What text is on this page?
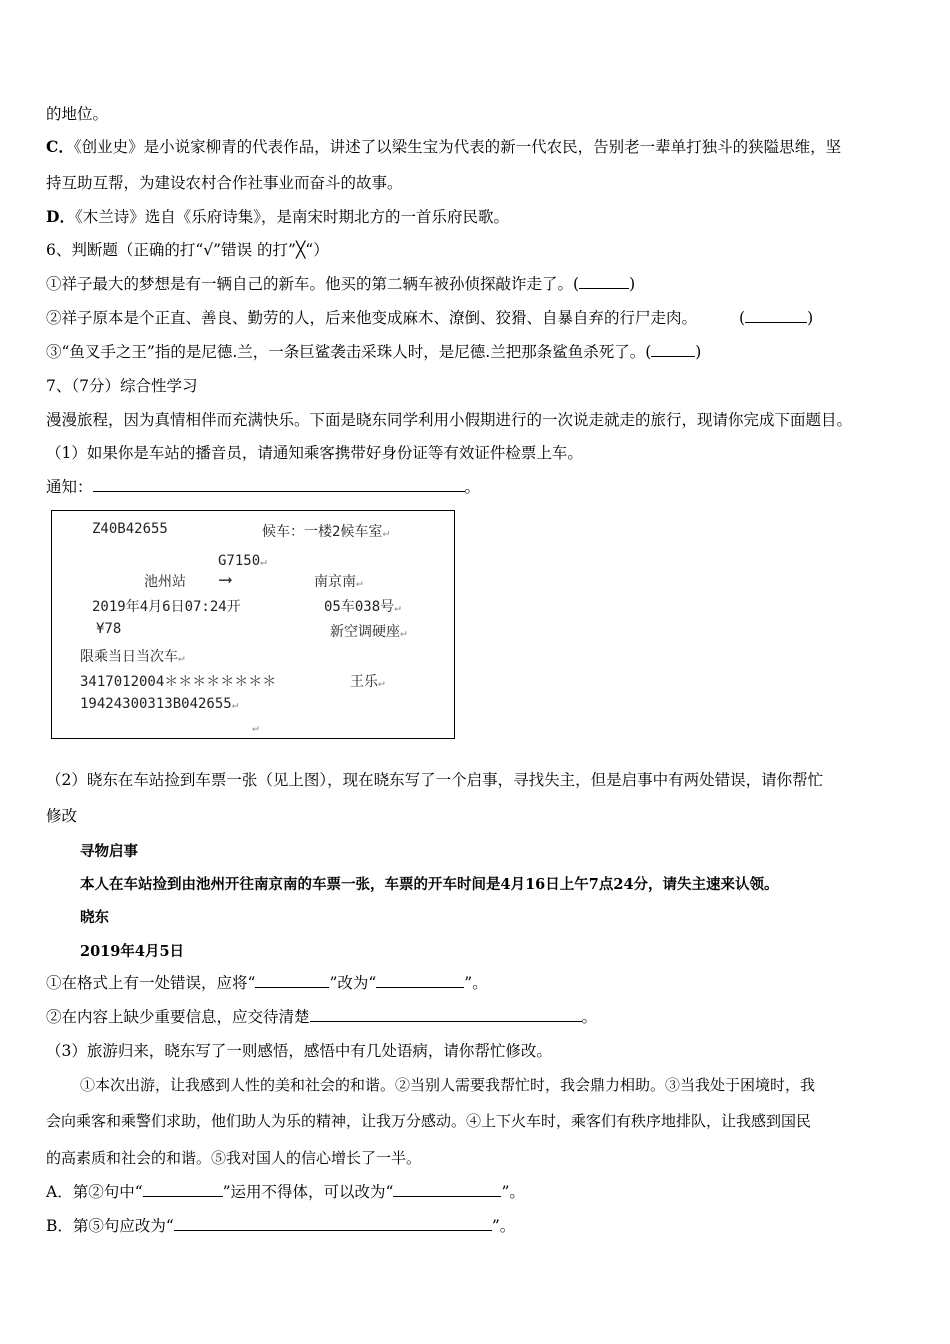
的地位。
C．《创业史》是小说家柳青的代表作品，讲述了以梁生宝为代表的新一代农民，告别老一辈单打独斗的狭隘思维，坚
持互助互帮，为建设农村合作社事业而奋斗的故事。
D．《木兰诗》选自《乐府诗集》，是南宋时期北方的一首乐府民歌。
6、判断题（正确的打“√”错误 的打”╳“）
①祥子最大的梦想是有一辆自己的新车。他买的第二辆车被孙侦探敲诈走了。(	)
②祥子原本是个正直、善良、勤劳的人，后来他变成麻木、潦倒、狡猾、自暴自弃的行尸走肉。	(	)
③“鱼叉手之王”指的是尼德.兰，一条巨鲨袭击采珠人时，是尼德.兰把那条鲨鱼杀死了。(	)
7、（7分）综合性学习
漫漫旅程，因为真情相伴而充满快乐。下面是晓东同学利用小假期进行的一次说走就走的旅行，现请你完成下面题目。
（1）如果你是车站的播音员，请通知乘客携带好身份证等有效证件检票上车。
通知：	。
Z40B42655	候车：一楼2候车室↵
G7150↵
池州站 ⟶	南京南↵
2019年4月6日07:24开	05车038号↵
¥78	新空调硬座↵
限乘当日当次车↵
3417012004＊＊＊＊＊＊＊＊	王乐↵
19424300313B042655↵
↵
（2）晓东在车站捡到车票一张（见上图），现在晓东写了一个启事，寻找失主，但是启事中有两处错误，请你帮忙
修改
寻物启事
本人在车站捡到由池州开往南京南的车票一张，车票的开车时间是4月16日上午7点24分，请失主速来认领。
晓东
2019年4月5日
①在格式上有一处错误，应将“	”改为“	”。
②在内容上缺少重要信息，应交待清楚	。
（3）旅游归来，晓东写了一则感悟，感悟中有几处语病，请你帮忙修改。
①本次出游，让我感到人性的美和社会的和谐。②当别人需要我帮忙时，我会鼎力相助。③当我处于困境时，我
会向乘客和乘警们求助，他们助人为乐的精神，让我万分感动。④上下火车时，乘客们有秩序地排队，让我感到国民
的高素质和社会的和谐。⑤我对国人的信心增长了一半。
A．第②句中“	”运用不得体，可以改为“	”。
B．第⑤句应改为“	”。
